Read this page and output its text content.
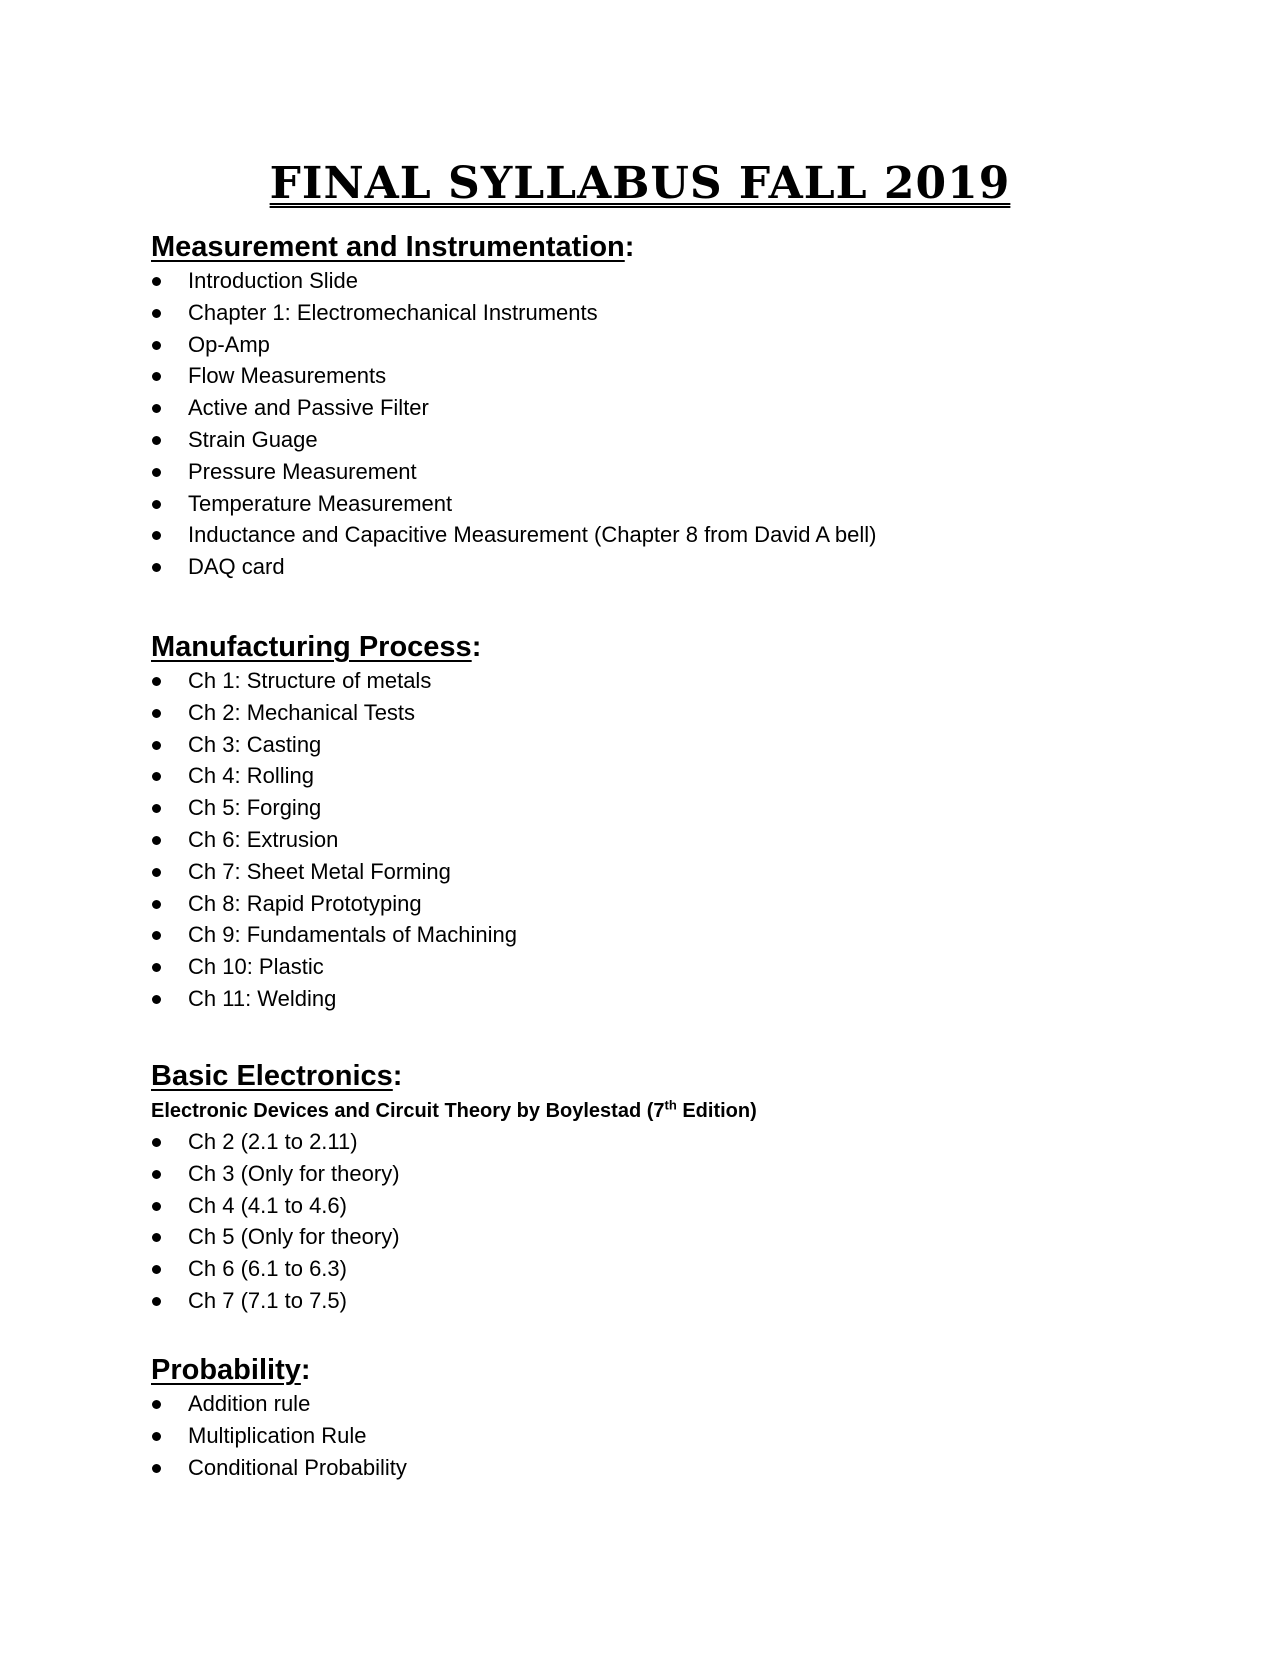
FINAL SYLLABUS FALL 2019
Measurement and Instrumentation:
Introduction Slide
Chapter 1: Electromechanical Instruments
Op-Amp
Flow Measurements
Active and Passive Filter
Strain Guage
Pressure Measurement
Temperature Measurement
Inductance and Capacitive Measurement (Chapter 8 from David A bell)
DAQ card
Manufacturing Process:
Ch 1: Structure of metals
Ch 2: Mechanical Tests
Ch 3: Casting
Ch 4: Rolling
Ch 5: Forging
Ch 6: Extrusion
Ch 7: Sheet Metal Forming
Ch 8: Rapid Prototyping
Ch 9: Fundamentals of Machining
Ch 10: Plastic
Ch 11: Welding
Basic Electronics:

Electronic Devices and Circuit Theory by Boylestad (7th Edition)

Ch 2 (2.1 to 2.11)
Ch 3 (Only for theory)
Ch 4 (4.1 to 4.6)
Ch 5 (Only for theory)
Ch 6 (6.1 to 6.3)
Ch 7 (7.1 to 7.5)
Probability:
Addition rule
Multiplication Rule
Conditional Probability
